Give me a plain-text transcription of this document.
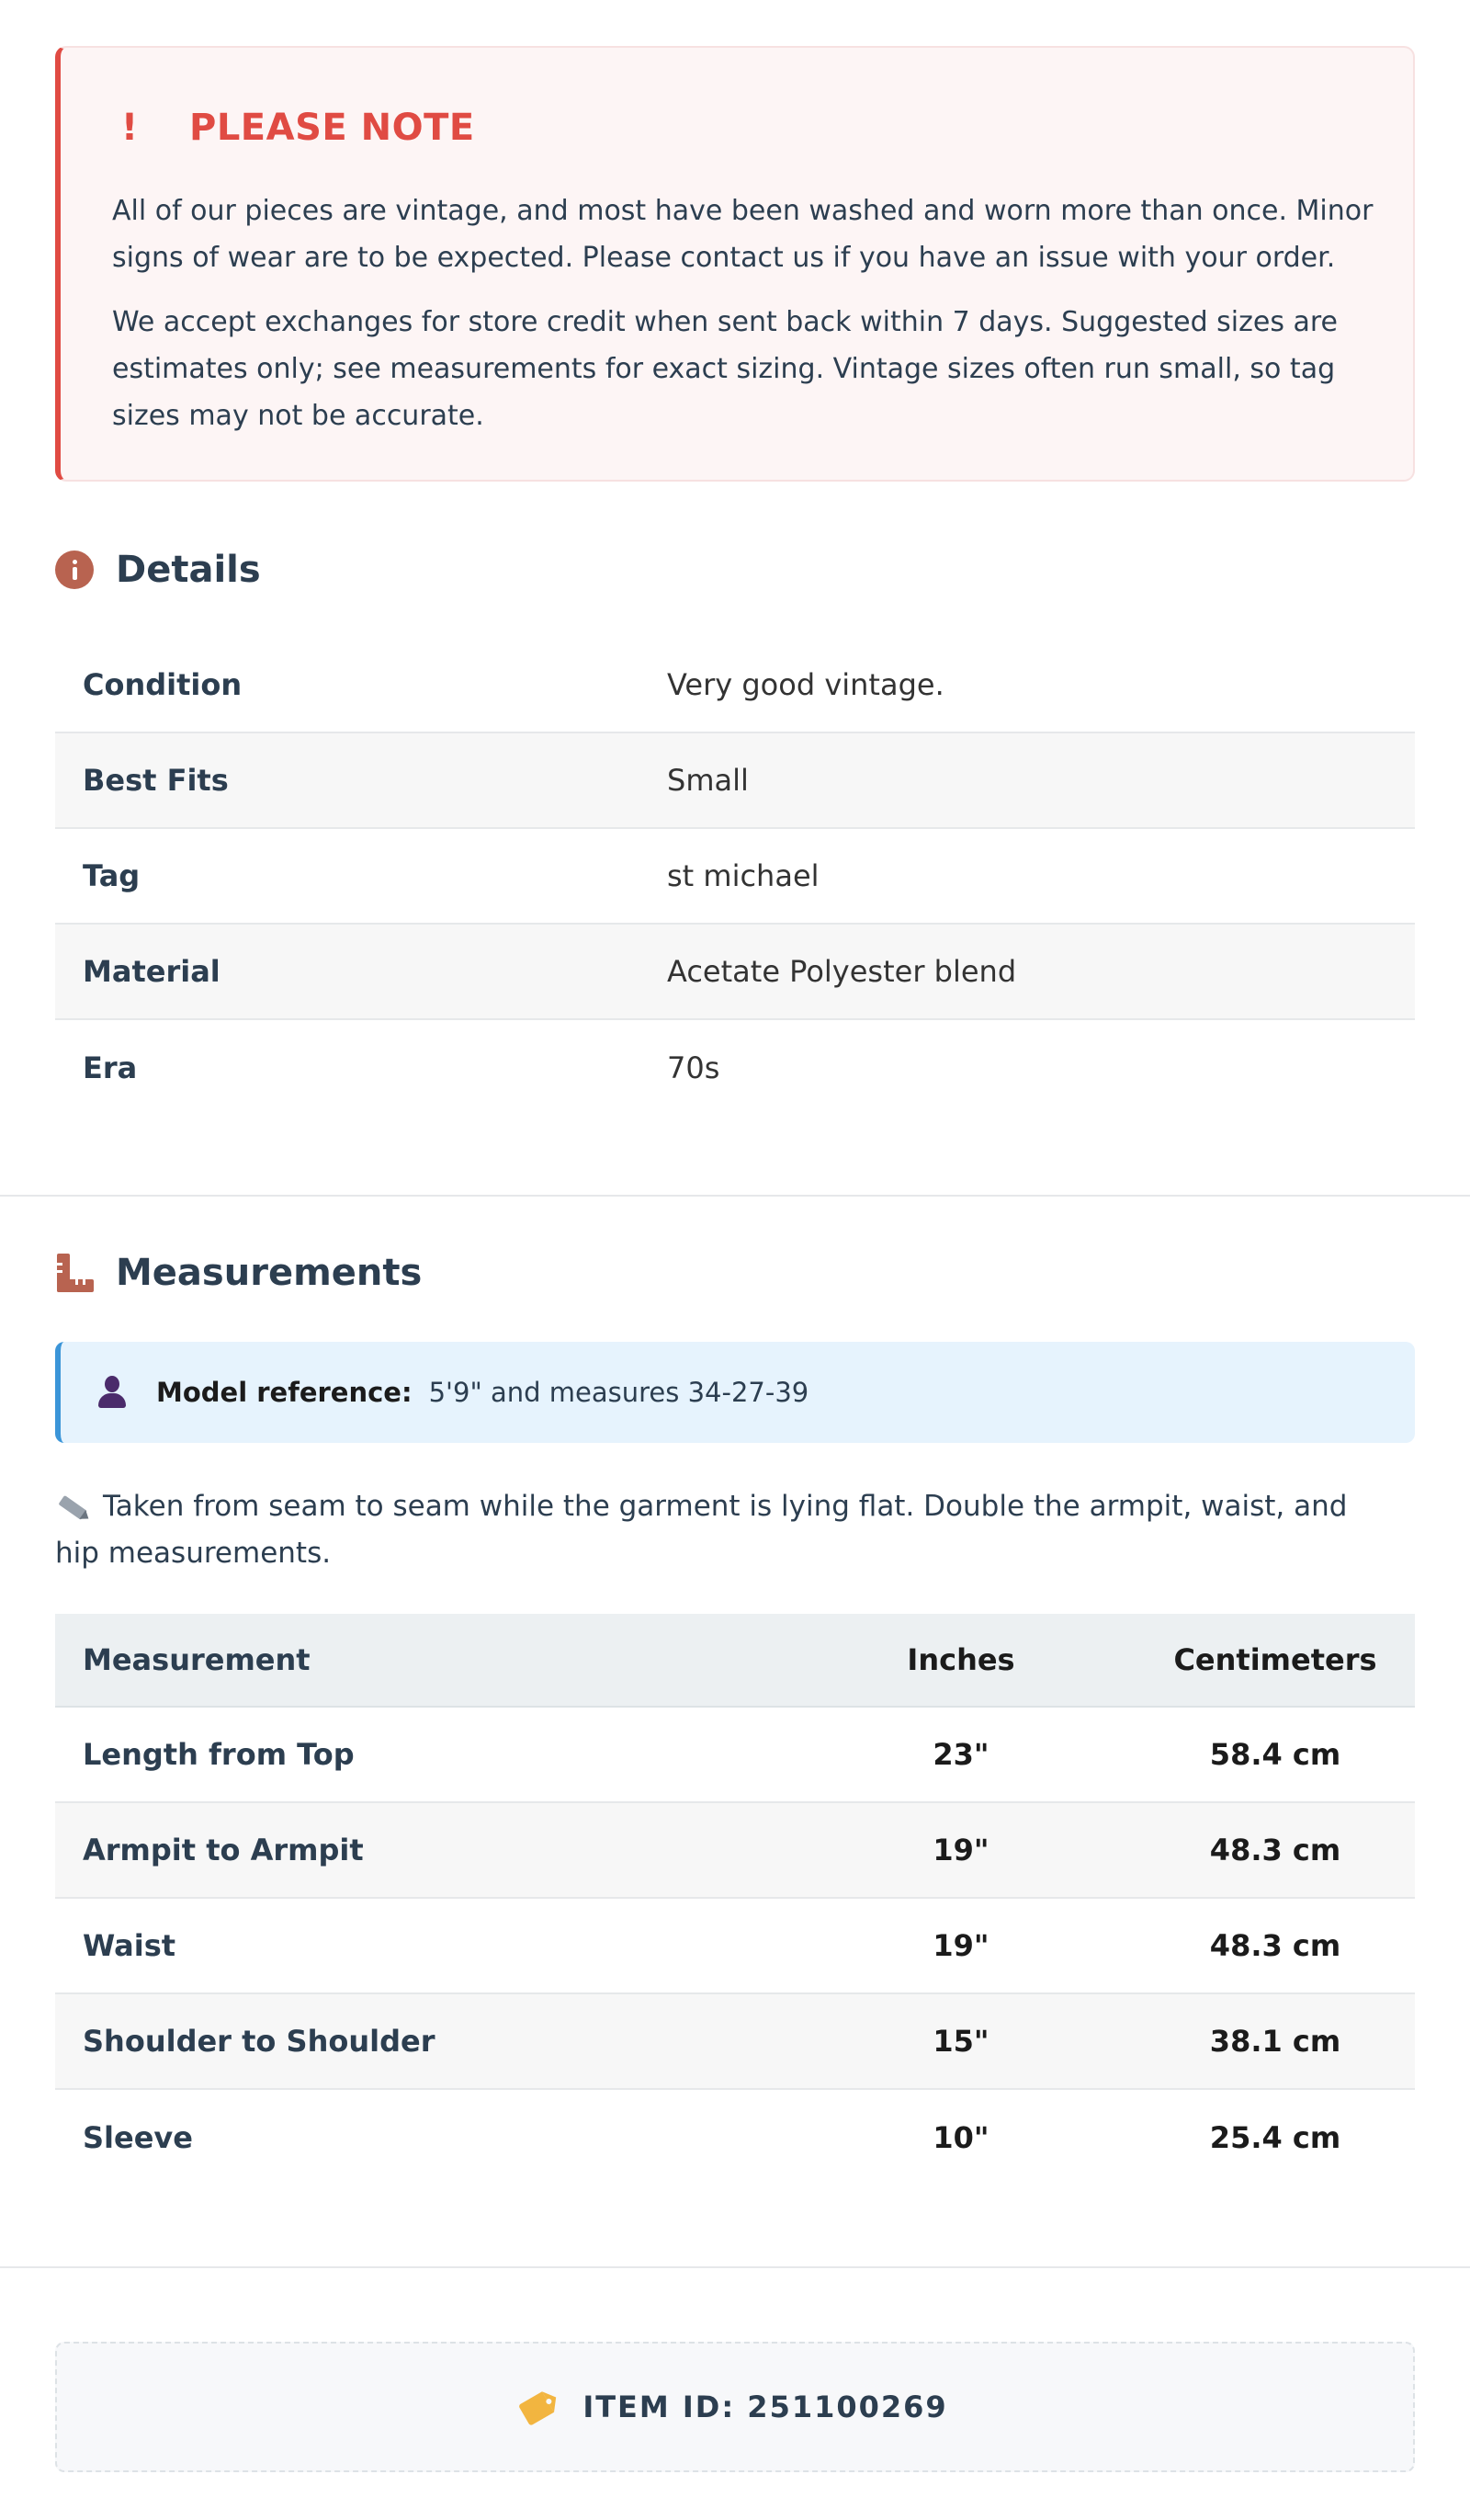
! PLEASE NOTE

All of our pieces are vintage, and most have been washed and worn more than once. Minor signs of wear are to be expected. Please contact us if you have an issue with your order.

We accept exchanges for store credit when sent back within 7 days. Suggested sizes are estimates only; see measurements for exact sizing. Vintage sizes often run small, so tag sizes may not be accurate.

Details
Condition	Very good vintage.
Best Fits	Small
Tag	st michael
Material	Acetate Polyester blend
Era	70s
Measurements
Model reference: 5'9" and measures 34-27-39

Taken from seam to seam while the garment is lying flat. Double the armpit, waist, and hip measurements.

Measurement	Inches	Centimeters
Length from Top	23"	58.4 cm
Armpit to Armpit	19"	48.3 cm
Waist	19"	48.3 cm
Shoulder to Shoulder	15"	38.1 cm
Sleeve	10"	25.4 cm
ITEM ID: 251100269
